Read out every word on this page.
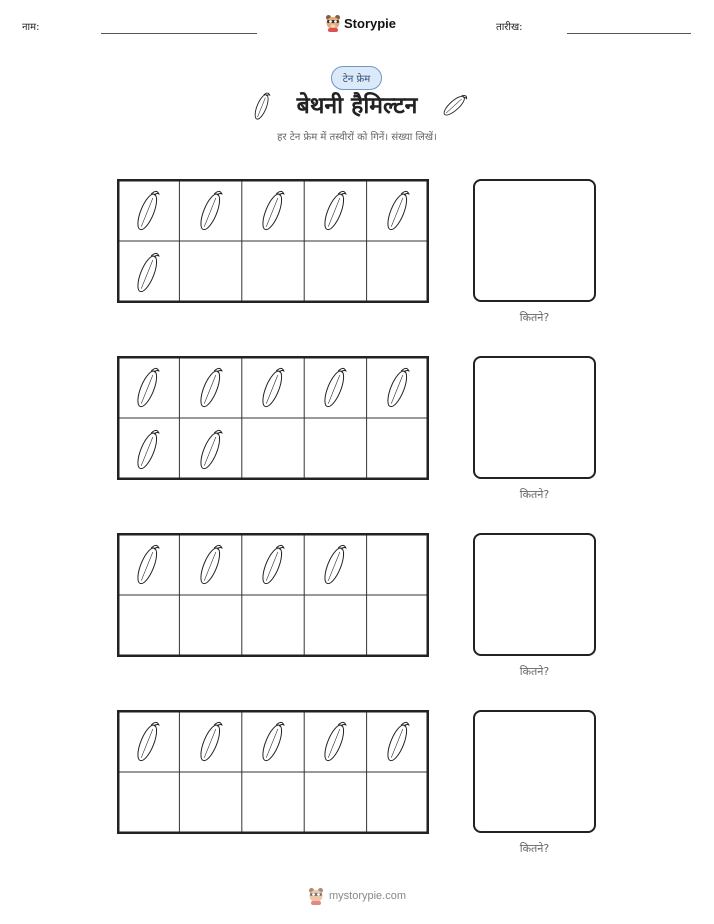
नाम:	Storypie	तारीख:
टेन फ्रेम
बेथनी हैमिल्टन
हर टेन फ्रेम में तस्वीरों को गिनें। संख्या लिखें।
कितने?
कितने?
कितने?
कितने?
mystorypie.com
